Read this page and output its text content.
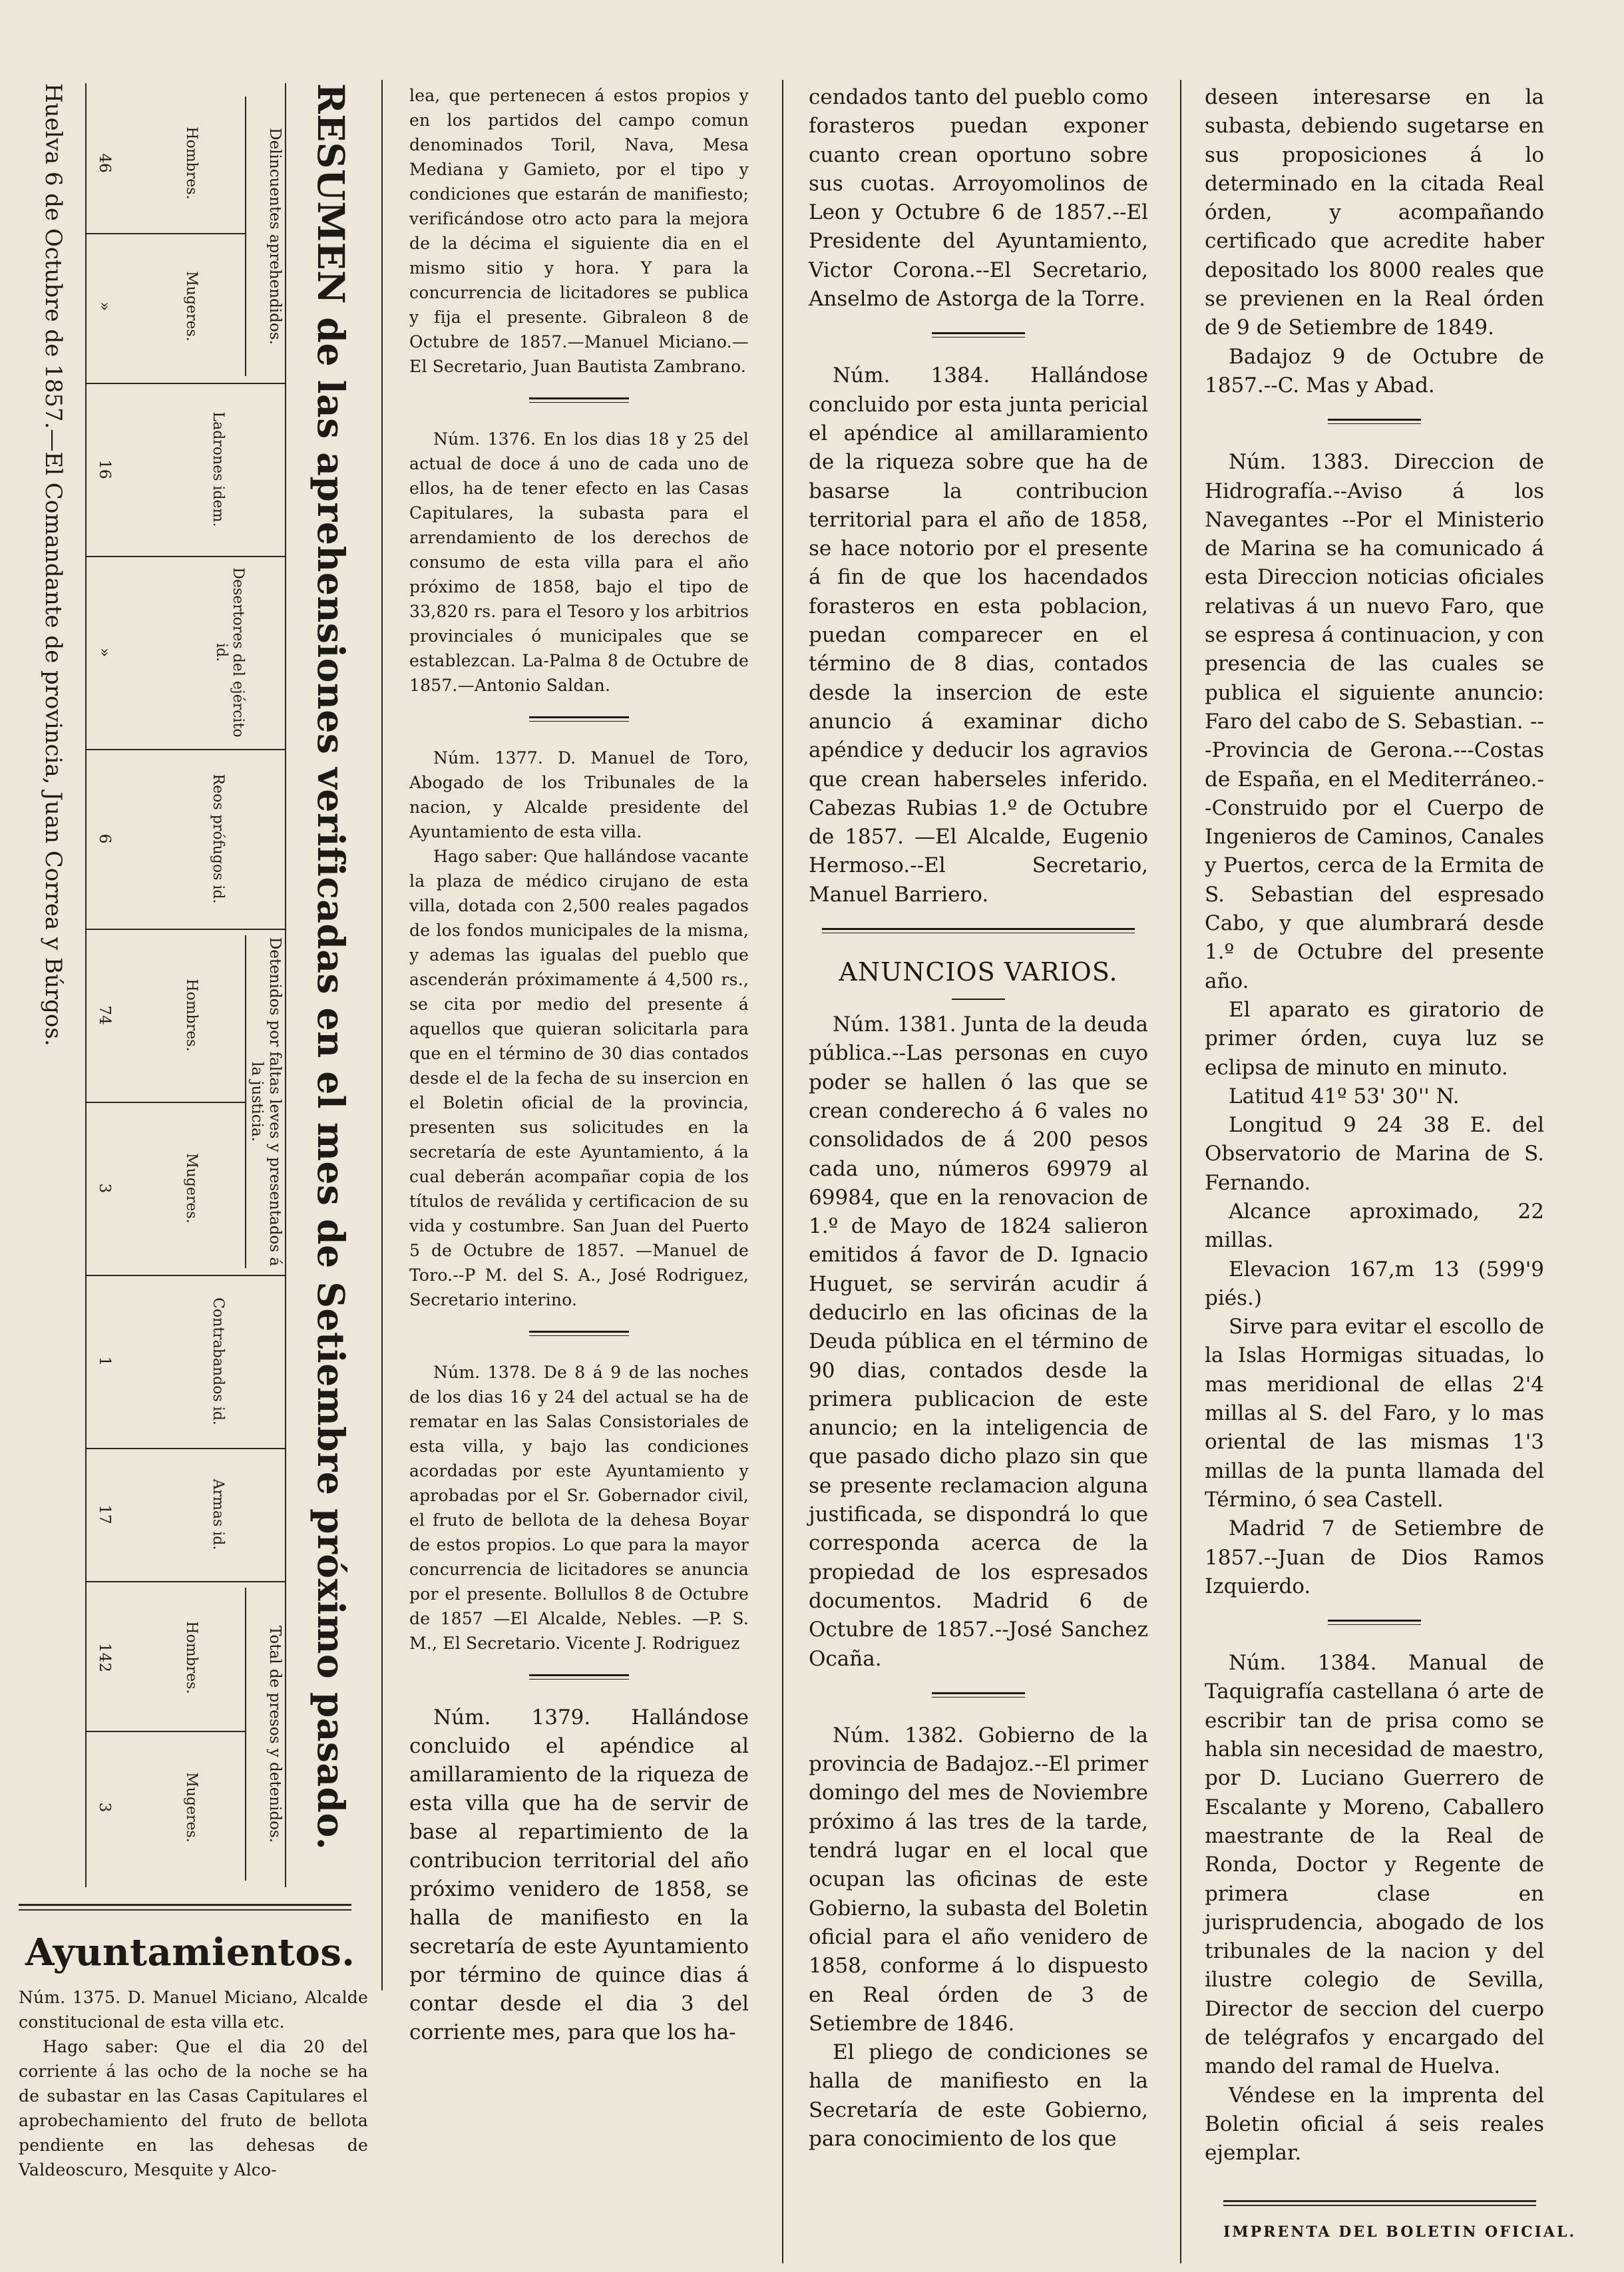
RESUMEN de las aprehensiones verificadas en el mes de Setiembre próximo pasado.
Delincuentes aprehendidos.
Hombres.
46
Mugeres.
»
Ladrones idem.
16
Desertores del ejército id.
»
Reos prófugos id.
6
Detenidos por faltas leves y presentados á la justicia.
Hombres.
74
Mugeres.
3
Contrabandos id.
1
Armas id.
17
Total de presos y detenidos.
Hombres.
142
Mugeres.
3
Huelva 6 de Octubre de 1857.—El Comandante de provincia, Juan Correa y Búrgos.
Ayuntamientos.

Núm. 1375. D. Manuel Miciano, Alcalde constitucional de esta villa etc.

Hago saber: Que el dia 20 del corriente á las ocho de la noche se ha de subastar en las Casas Capitulares el aprobechamiento del fruto de bellota pendiente en las dehesas de Valdeoscuro, Mesquite y Alco-

lea, que pertenecen á estos propios y en los partidos del campo comun denominados Toril, Nava, Mesa Mediana y Gamieto, por el tipo y condiciones que estarán de manifiesto; verificándose otro acto para la mejora de la décima el siguiente dia en el mismo sitio y hora. Y para la concurrencia de licitadores se publica y fija el presente. Gibraleon 8 de Octubre de 1857.—Manuel Miciano.—El Secretario, Juan Bautista Zambrano.

Núm. 1376. En los dias 18 y 25 del actual de doce á uno de cada uno de ellos, ha de tener efecto en las Casas Capitulares, la subasta para el arrendamiento de los derechos de consumo de esta villa para el año próximo de 1858, bajo el tipo de 33,820 rs. para el Tesoro y los arbitrios provinciales ó municipales que se establezcan. La-Palma 8 de Octubre de 1857.—Antonio Saldan.

Núm. 1377. D. Manuel de Toro, Abogado de los Tribunales de la nacion, y Alcalde presidente del Ayuntamiento de esta villa.

Hago saber: Que hallándose vacante la plaza de médico cirujano de esta villa, dotada con 2,500 reales pagados de los fondos municipales de la misma, y ademas las igualas del pueblo que ascenderán próximamente á 4,500 rs., se cita por medio del presente á aquellos que quieran solicitarla para que en el término de 30 dias contados desde el de la fecha de su insercion en el Boletin oficial de la provincia, presenten sus solicitudes en la secretaría de este Ayuntamiento, á la cual deberán acompañar copia de los títulos de reválida y certificacion de su vida y costumbre. San Juan del Puerto 5 de Octubre de 1857. —Manuel de Toro.--P M. del S. A., José Rodriguez, Secretario interino.

Núm. 1378. De 8 á 9 de las noches de los dias 16 y 24 del actual se ha de rematar en las Salas Consistoriales de esta villa, y bajo las condiciones acordadas por este Ayuntamiento y aprobadas por el Sr. Gobernador civil, el fruto de bellota de la dehesa Boyar de estos propios. Lo que para la mayor concurrencia de licitadores se anuncia por el presente. Bollullos 8 de Octubre de 1857 —El Alcalde, Nebles. —P. S. M., El Secretario. Vicente J. Rodriguez

Núm. 1379. Hallándose concluido el apéndice al amillaramiento de la riqueza de esta villa que ha de servir de base al repartimiento de la contribucion territorial del año próximo venidero de 1858, se halla de manifiesto en la secretaría de este Ayuntamiento por término de quince dias á contar desde el dia 3 del corriente mes, para que los ha-

cendados tanto del pueblo como forasteros puedan exponer cuanto crean oportuno sobre sus cuotas. Arroyomolinos de Leon y Octubre 6 de 1857.--El Presidente del Ayuntamiento, Victor Corona.--El Secretario, Anselmo de Astorga de la Torre.

Núm. 1384. Hallándose concluido por esta junta pericial el apéndice al amillaramiento de la riqueza sobre que ha de basarse la contribucion territorial para el año de 1858, se hace notorio por el presente á fin de que los hacendados forasteros en esta poblacion, puedan comparecer en el término de 8 dias, contados desde la insercion de este anuncio á examinar dicho apéndice y deducir los agravios que crean haberseles inferido. Cabezas Rubias 1.º de Octubre de 1857. —El Alcalde, Eugenio Hermoso.--El Secretario, Manuel Barriero.

ANUNCIOS VARIOS.

Núm. 1381. Junta de la deuda pública.--Las personas en cuyo poder se hallen ó las que se crean conderecho á 6 vales no consolidados de á 200 pesos cada uno, números 69979 al 69984, que en la renovacion de 1.º de Mayo de 1824 salieron emitidos á favor de D. Ignacio Huguet, se servirán acudir á deducirlo en las oficinas de la Deuda pública en el término de 90 dias, contados desde la primera publicacion de este anuncio; en la inteligencia de que pasado dicho plazo sin que se presente reclamacion alguna justificada, se dispondrá lo que corresponda acerca de la propiedad de los espresados documentos. Madrid 6 de Octubre de 1857.--José Sanchez Ocaña.

Núm. 1382. Gobierno de la provincia de Badajoz.--El primer domingo del mes de Noviembre próximo á las tres de la tarde, tendrá lugar en el local que ocupan las oficinas de este Gobierno, la subasta del Boletin oficial para el año venidero de 1858, conforme á lo dispuesto en Real órden de 3 de Setiembre de 1846.

El pliego de condiciones se halla de manifiesto en la Secretaría de este Gobierno, para conocimiento de los que

deseen interesarse en la subasta, debiendo sugetarse en sus proposiciones á lo determinado en la citada Real órden, y acompañando certificado que acredite haber depositado los 8000 reales que se previenen en la Real órden de 9 de Setiembre de 1849.

Badajoz 9 de Octubre de 1857.--C. Mas y Abad.

Núm. 1383. Direccion de Hidrografía.--Aviso á los Navegantes --Por el Ministerio de Marina se ha comunicado á esta Direccion noticias oficiales relativas á un nuevo Faro, que se espresa á continuacion, y con presencia de las cuales se publica el siguiente anuncio: Faro del cabo de S. Sebastian. ---Provincia de Gerona.---Costas de España, en el Mediterráneo.--Construido por el Cuerpo de Ingenieros de Caminos, Canales y Puertos, cerca de la Ermita de S. Sebastian del espresado Cabo, y que alumbrará desde 1.º de Octubre del presente año.

El aparato es giratorio de primer órden, cuya luz se eclipsa de minuto en minuto.

Latitud 41º 53' 30'' N.

Longitud 9 24 38 E. del Observatorio de Marina de S. Fernando.

Alcance aproximado, 22 millas.

Elevacion 167,m 13 (599'9 piés.)

Sirve para evitar el escollo de la Islas Hormigas situadas, lo mas meridional de ellas 2'4 millas al S. del Faro, y lo mas oriental de las mismas 1'3 millas de la punta llamada del Término, ó sea Castell.

Madrid 7 de Setiembre de 1857.--Juan de Dios Ramos Izquierdo.

Núm. 1384. Manual de Taquigrafía castellana ó arte de escribir tan de prisa como se habla sin necesidad de maestro, por D. Luciano Guerrero de Escalante y Moreno, Caballero maestrante de la Real de Ronda, Doctor y Regente de primera clase en jurisprudencia, abogado de los tribunales de la nacion y del ilustre colegio de Sevilla, Director de seccion del cuerpo de telégrafos y encargado del mando del ramal de Huelva.

Véndese en la imprenta del Boletin oficial á seis reales ejemplar.

IMPRENTA DEL BOLETIN OFICIAL.
